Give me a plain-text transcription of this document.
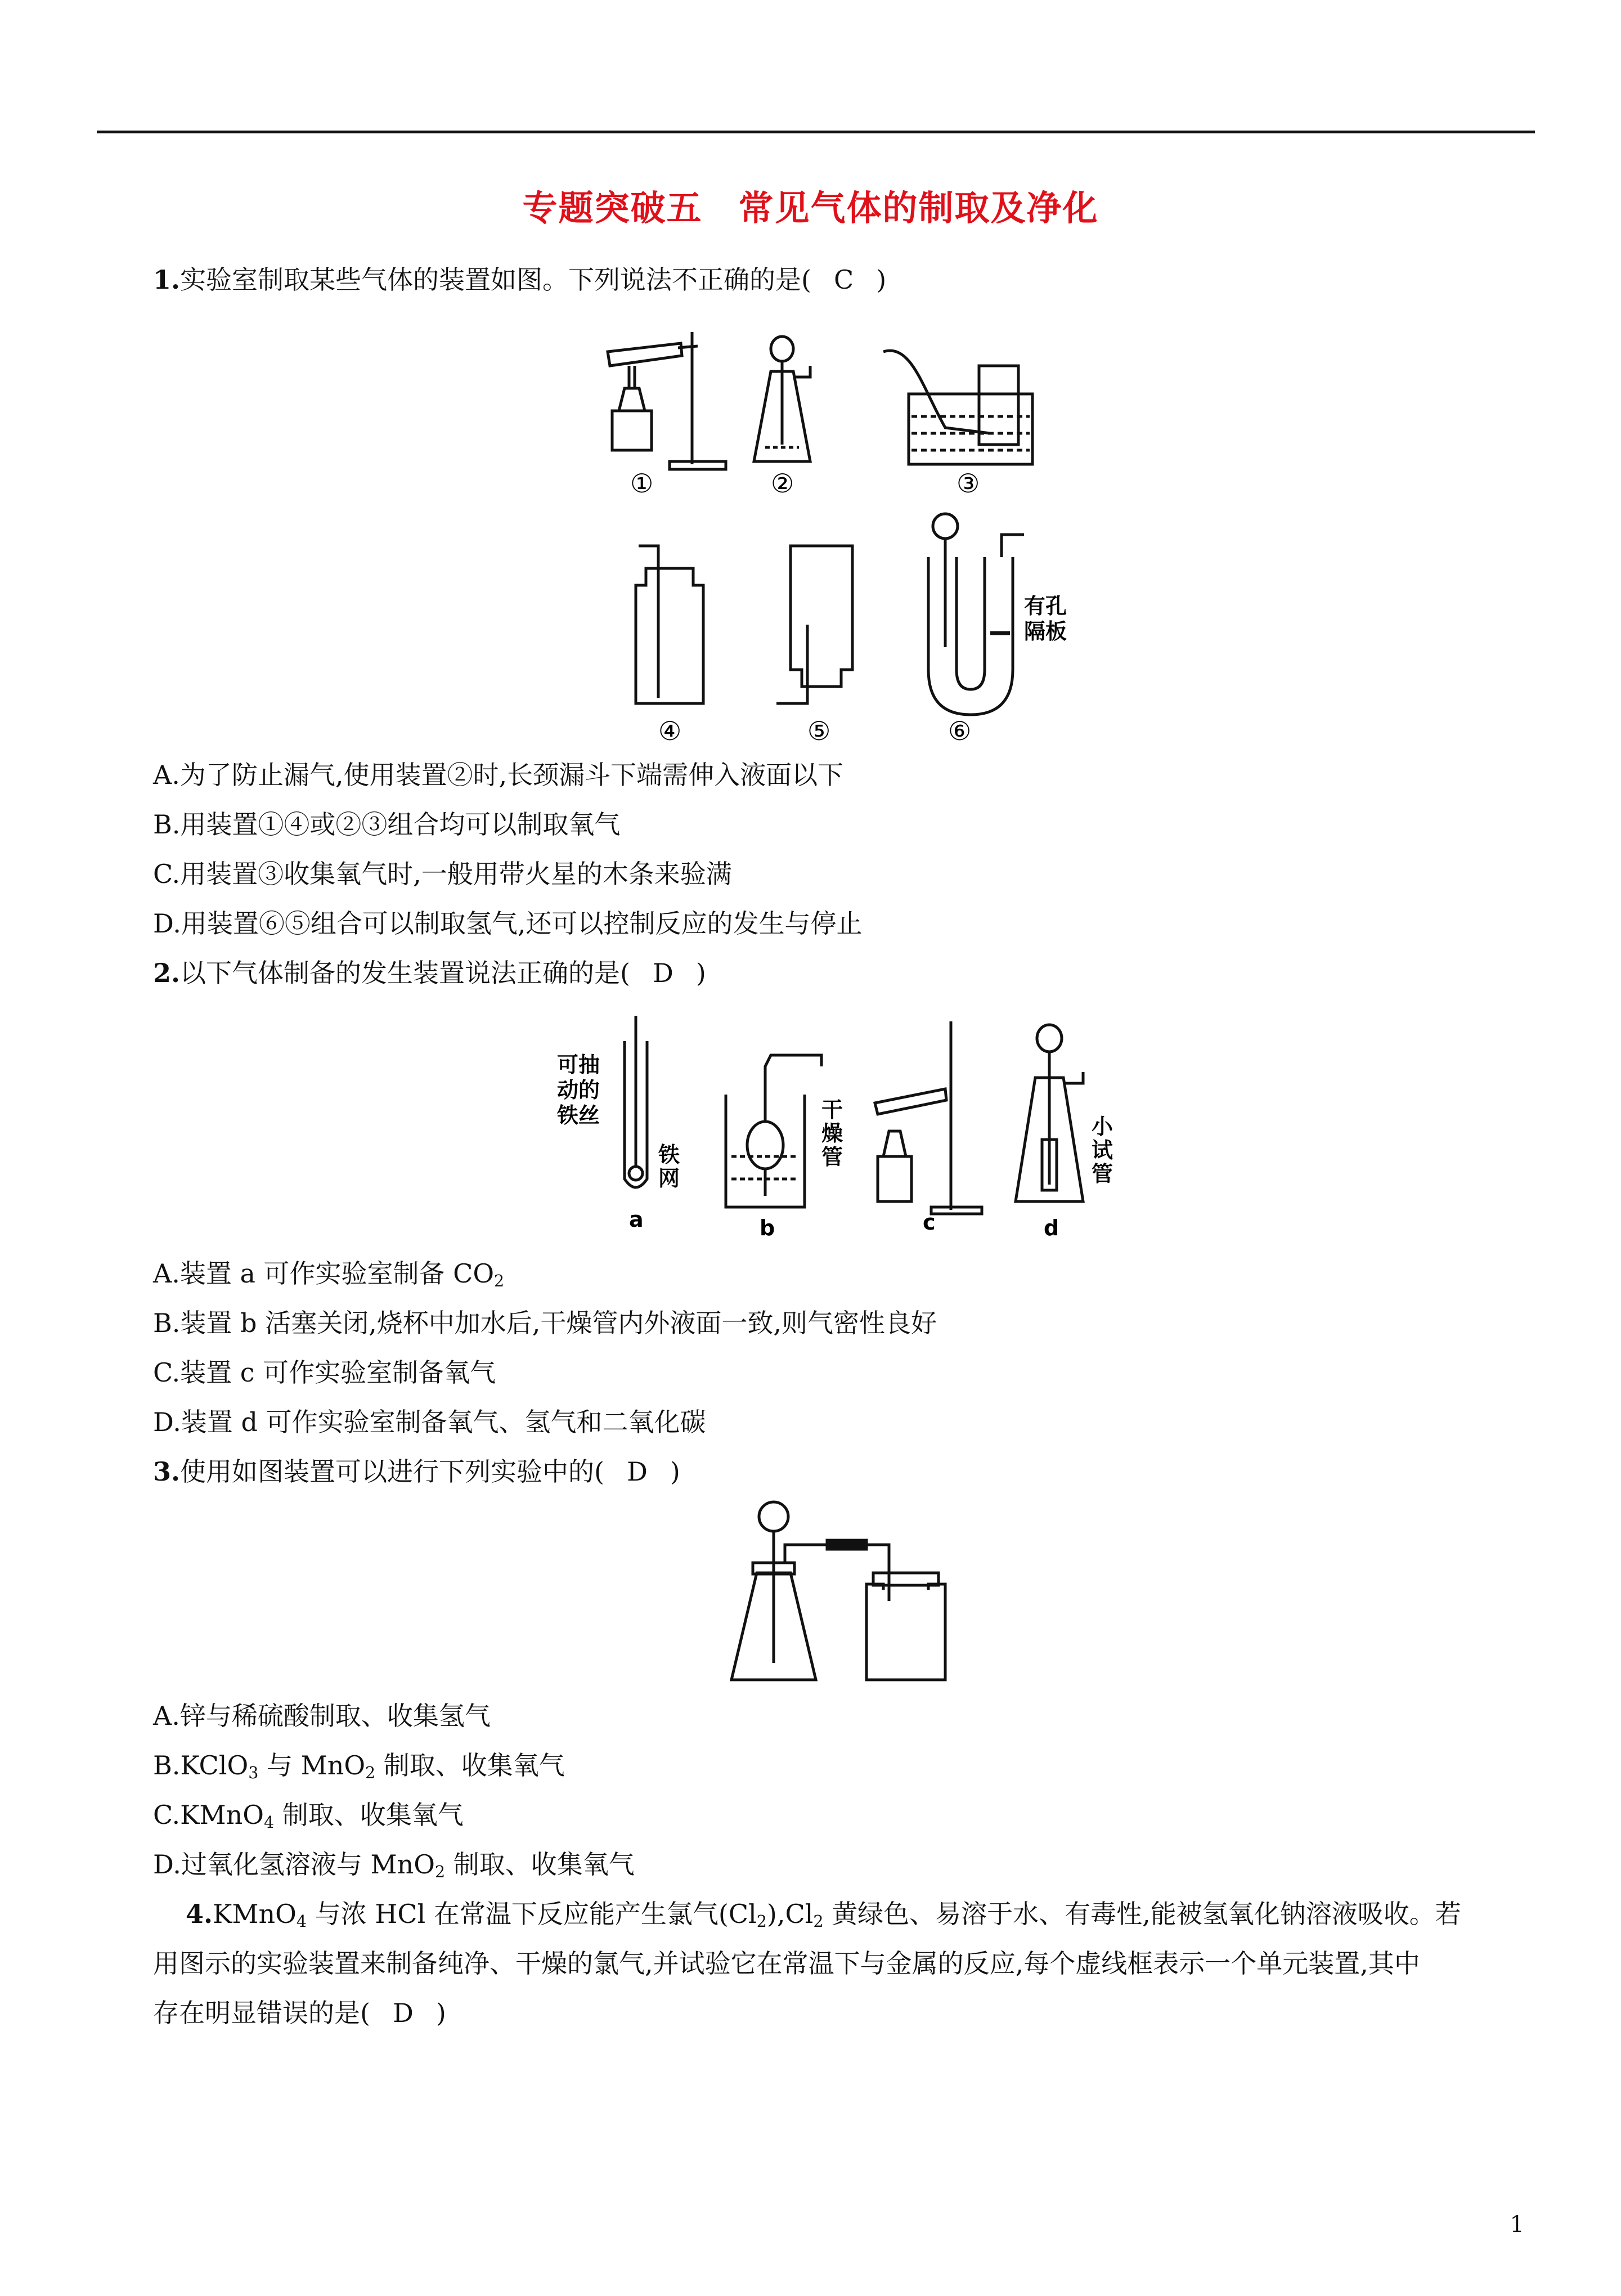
专题突破五　常见气体的制取及净化
1.实验室制取某些气体的装置如图。下列说法不正确的是( C )
①	②	③
④	⑤	⑥
有孔
隔板
A.为了防止漏气,使用装置②时,长颈漏斗下端需伸入液面以下
B.用装置①④或②③组合均可以制取氧气
C.用装置③收集氧气时,一般用带火星的木条来验满
D.用装置⑥⑤组合可以制取氢气,还可以控制反应的发生与停止
2.以下气体制备的发生装置说法正确的是( D )
可抽
动的
铁丝
铁
网
干
燥
管
小
试
管
a	b	c	d
A.装置 a 可作实验室制备 $CO_2$
B.装置 b 活塞关闭,烧杯中加水后,干燥管内外液面一致,则气密性良好
C.装置 c 可作实验室制备氧气
D.装置 d 可作实验室制备氧气、氢气和二氧化碳
3.使用如图装置可以进行下列实验中的( D )
A.锌与稀硫酸制取、收集氢气
B.KClO$_3$ 与 MnO$_2$ 制取、收集氧气
C.KMnO$_4$ 制取、收集氧气
D.过氧化氢溶液与 MnO$_2$ 制取、收集氧气
4.KMnO$_4$ 与浓 HCl 在常温下反应能产生氯气$(Cl_2),Cl_2$ 黄绿色、易溶于水、有毒性,能被氢氧化钠溶液吸收。若
用图示的实验装置来制备纯净、干燥的氯气,并试验它在常温下与金属的反应,每个虚线框表示一个单元装置,其中
存在明显错误的是( D )
1
